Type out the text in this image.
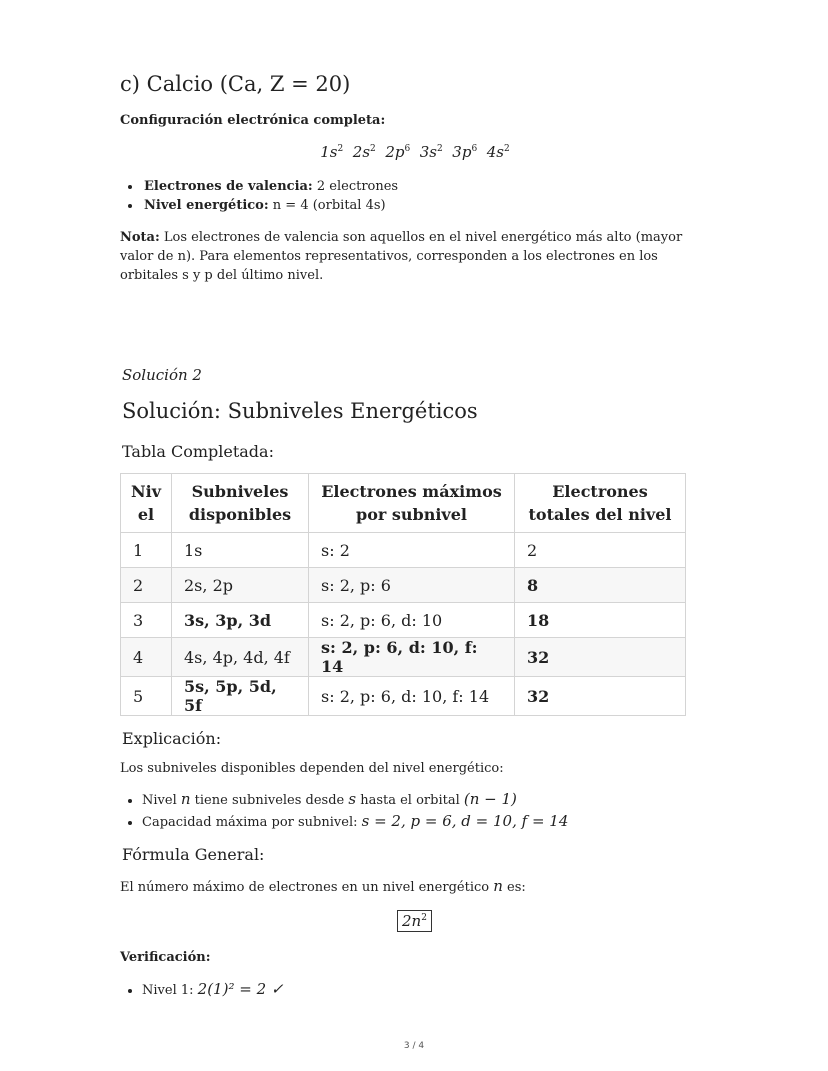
c) Calcio (Ca, Z = 20)

Configuración electrónica completa:

$1s^2$ $2s^2$ $2p^6$ $3s^2$ $3p^6$ $4s^2$
• Electrones de valencia: 2 electrones
• Nivel energético: n = 4 (orbital 4s)

Nota: Los electrones de valencia son aquellos en el nivel energético más alto (mayor valor de n). Para elementos representativos, corresponden a los electrones en los orbitales s y p del último nivel.

Solución 2

Solución: Subniveles Energéticos
Tabla Completada:
Niv el	Subniveles disponibles	Electrones máximos por subnivel	Electrones totales del nivel
1	1s	s: 2	2
2	2s, 2p	s: 2, p: 6	8
3	3s, 3p, 3d	s: 2, p: 6, d: 10	18
4	4s, 4p, 4d, 4f	s: 2, p: 6, d: 10, f: 14	32
5	5s, 5p, 5d, 5f	s: 2, p: 6, d: 10, f: 14	32
Explicación:

Los subniveles disponibles dependen del nivel energético:

• Nivel n tiene subniveles desde s hasta el orbital (n − 1)
• Capacidad máxima por subnivel: s = 2, p = 6, d = 10, f = 14
Fórmula General:

El número máximo de electrones en un nivel energético n es:

$2n^2$

Verificación:

• Nivel 1: 2(1)² = 2 ✓
3 / 4
